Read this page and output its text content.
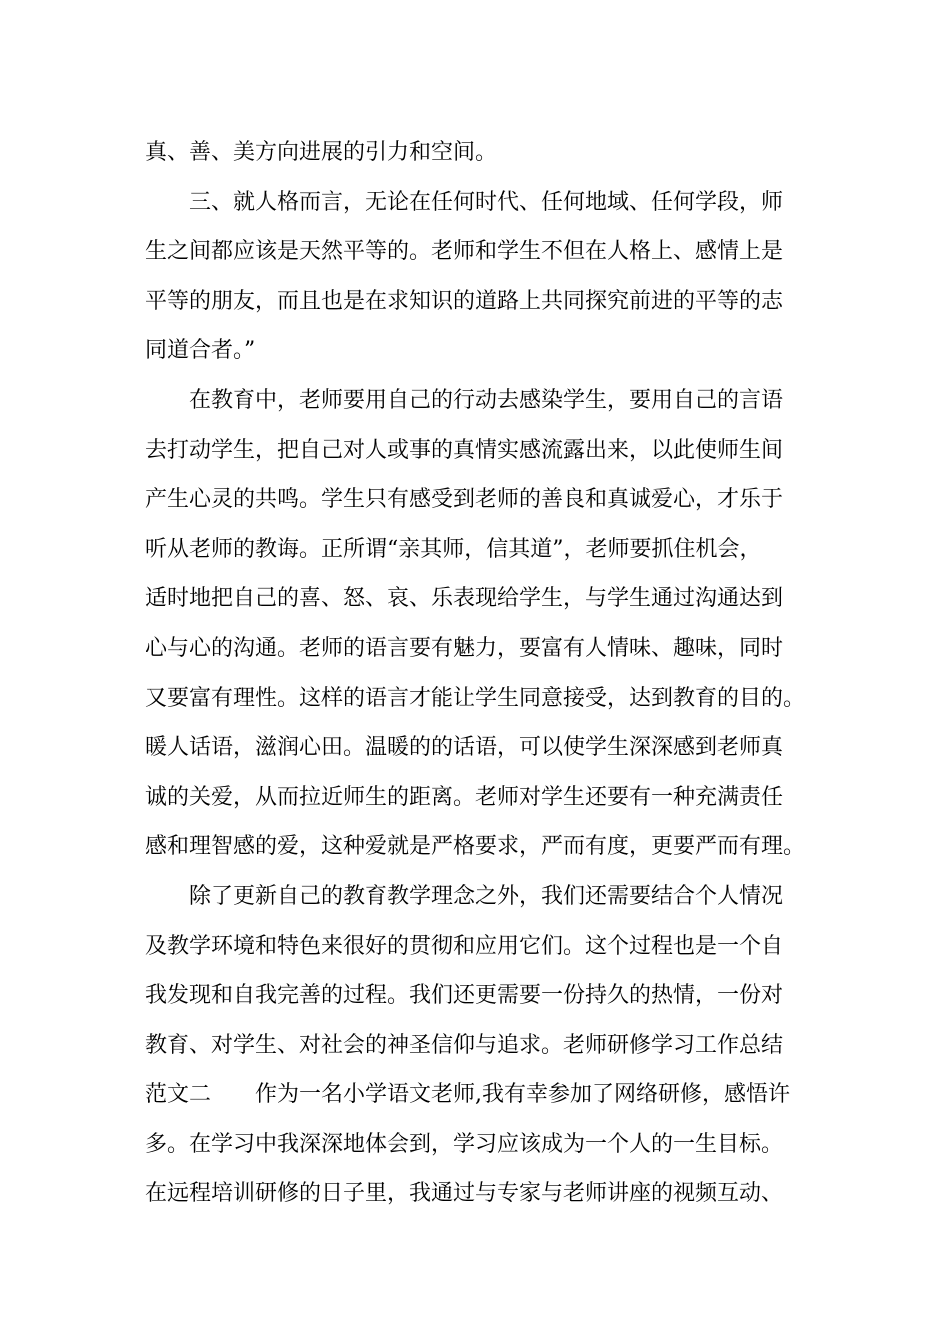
真、善、美方向进展的引力和空间。
三、就人格而言，无论在任何时代、任何地域、任何学段，师
生之间都应该是天然平等的。老师和学生不但在人格上、感情上是
平等的朋友，而且也是在求知识的道路上共同探究前进的平等的志
同道合者。”
在教育中，老师要用自己的行动去感染学生，要用自己的言语
去打动学生，把自己对人或事的真情实感流露出来，以此使师生间
产生心灵的共鸣。学生只有感受到老师的善良和真诚爱心，才乐于
听从老师的教诲。正所谓“亲其师，信其道”，老师要抓住机会，
适时地把自己的喜、怒、哀、乐表现给学生，与学生通过沟通达到
心与心的沟通。老师的语言要有魅力，要富有人情味、趣味，同时
又要富有理性。这样的语言才能让学生同意接受，达到教育的目的。
暖人话语，滋润心田。温暖的的话语，可以使学生深深感到老师真
诚的关爱，从而拉近师生的距离。老师对学生还要有一种充满责任
感和理智感的爱，这种爱就是严格要求，严而有度，更要严而有理。
除了更新自己的教育教学理念之外，我们还需要结合个人情况
及教学环境和特色来很好的贯彻和应用它们。这个过程也是一个自
我发现和自我完善的过程。我们还更需要一份持久的热情，一份对
教育、对学生、对社会的神圣信仰与追求。老师研修学习工作总结
范文二　　作为一名小学语文老师,我有幸参加了网络研修，感悟许
多。在学习中我深深地体会到，学习应该成为一个人的一生目标。
在远程培训研修的日子里，我通过与专家与老师讲座的视频互动、
